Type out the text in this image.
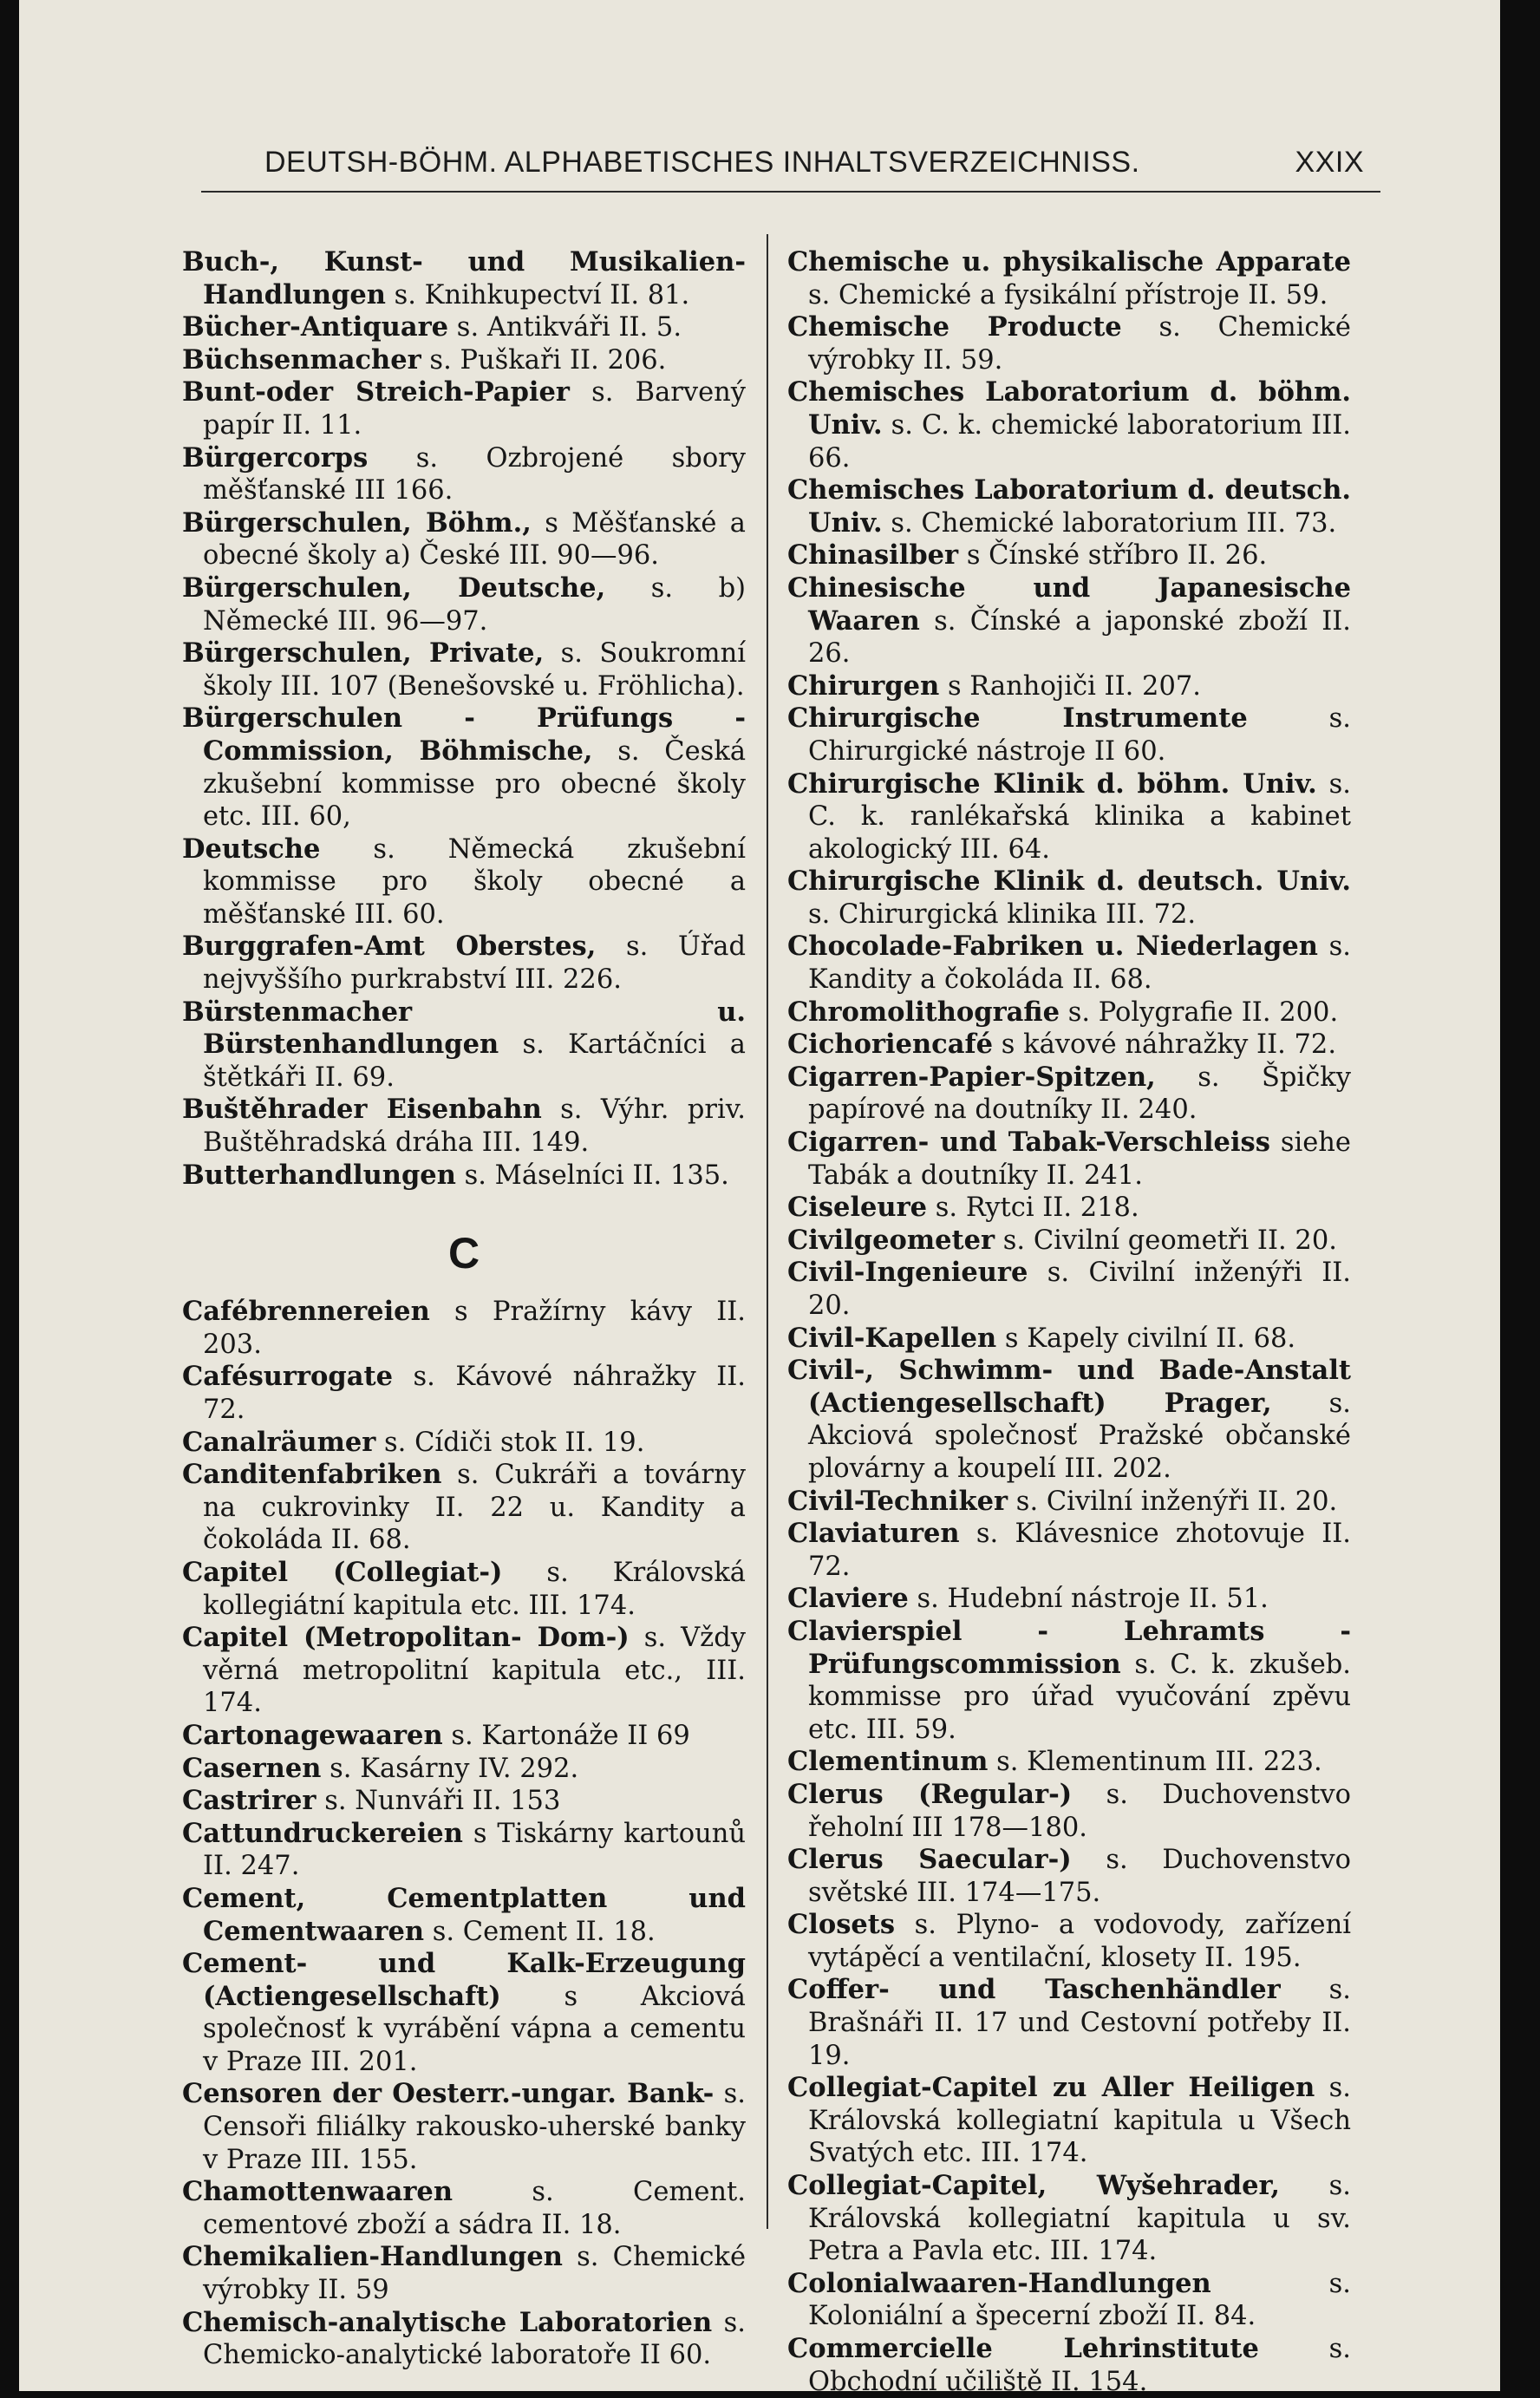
DEUTSH-BÖHM. ALPHABETISCHES INHALTSVERZEICHNISS.	XXIX

Buch-, Kunst- und Musikalien-Handlungen s. Knihkupectví II. 81.

Bücher-Antiquare s. Antikváři II. 5.

Büchsenmacher s. Puškaři II. 206.

Bunt-oder Streich-Papier s. Barvený papír II. 11.

Bürgercorps s. Ozbrojené sbory měšťanské III 166.

Bürgerschulen, Böhm., s Měšťanské a obecné školy a) České III. 90—96.

Bürgerschulen, Deutsche, s. b) Německé III. 96—97.

Bürgerschulen, Private, s. Soukromní školy III. 107 (Benešovské u. Fröhlicha).

Bürgerschulen - Prüfungs - Commission, Böhmische, s. Česká zkušební kommisse pro obecné školy etc. III. 60,

Deutsche s. Německá zkušební kommisse pro školy obecné a měšťanské III. 60.

Burggrafen-Amt Oberstes, s. Úřad nejvyššího purkrabství III. 226.

Bürstenmacher u. Bürstenhandlungen s. Kartáčníci a štětkáři II. 69.

Buštěhrader Eisenbahn s. Výhr. priv. Buštěhradská dráha III. 149.

Butterhandlungen s. Máselníci II. 135.

C

Cafébrennereien s Pražírny kávy II. 203.

Cafésurrogate s. Kávové náhražky II. 72.

Canalräumer s. Cídiči stok II. 19.

Canditenfabriken s. Cukráři a továrny na cukrovinky II. 22 u. Kandity a čokoláda II. 68.

Capitel (Collegiat-) s. Královská kollegiátní kapitula etc. III. 174.

Capitel (Metropolitan- Dom-) s. Vždy věrná metropolitní kapitula etc., III. 174.

Cartonagewaaren s. Kartonáže II 69

Casernen s. Kasárny IV. 292.

Castrirer s. Nunváři II. 153

Cattundruckereien s Tiskárny kartounů II. 247.

Cement, Cementplatten und Cementwaaren s. Cement II. 18.

Cement- und Kalk-Erzeugung (Actiengesellschaft) s Akciová společnosť k vyrábění vápna a cementu v Praze III. 201.

Censoren der Oesterr.-ungar. Bank- s. Censoři filiálky rakousko-uherské banky v Praze III. 155.

Chamottenwaaren s. Cement. cementové zboží a sádra II. 18.

Chemikalien-Handlungen s. Chemické výrobky II. 59

Chemisch-analytische Laboratorien s. Chemicko-analytické laboratoře II 60.

Chemische u. physikalische Apparate s. Chemické a fysikální přístroje II. 59.

Chemische Producte s. Chemické výrobky II. 59.

Chemisches Laboratorium d. böhm. Univ. s. C. k. chemické laboratorium III. 66.

Chemisches Laboratorium d. deutsch. Univ. s. Chemické laboratorium III. 73.

Chinasilber s Čínské stříbro II. 26.

Chinesische und Japanesische Waaren s. Čínské a japonské zboží II. 26.

Chirurgen s Ranhojiči II. 207.

Chirurgische Instrumente s. Chirurgické nástroje II 60.

Chirurgische Klinik d. böhm. Univ. s. C. k. ranlékařská klinika a kabinet akologický III. 64.

Chirurgische Klinik d. deutsch. Univ. s. Chirurgická klinika III. 72.

Chocolade-Fabriken u. Niederlagen s. Kandity a čokoláda II. 68.

Chromolithografie s. Polygrafie II. 200.

Cichoriencafé s kávové náhražky II. 72.

Cigarren-Papier-Spitzen, s. Špičky papírové na doutníky II. 240.

Cigarren- und Tabak-Verschleiss siehe Tabák a doutníky II. 241.

Ciseleure s. Rytci II. 218.

Civilgeometer s. Civilní geometři II. 20.

Civil-Ingenieure s. Civilní inženýři II. 20.

Civil-Kapellen s Kapely civilní II. 68.

Civil-, Schwimm- und Bade-Anstalt (Actiengesellschaft) Prager, s. Akciová společnosť Pražské občanské plovárny a koupelí III. 202.

Civil-Techniker s. Civilní inženýři II. 20.

Claviaturen s. Klávesnice zhotovuje II. 72.

Claviere s. Hudební nástroje II. 51.

Clavierspiel - Lehramts - Prüfungscommission s. C. k. zkušeb. kommisse pro úřad vyučování zpěvu etc. III. 59.

Clementinum s. Klementinum III. 223.

Clerus (Regular-) s. Duchovenstvo řeholní III 178—180.

Clerus Saecular-) s. Duchovenstvo světské III. 174—175.

Closets s. Plyno- a vodovody, zařízení vytápěcí a ventilační, klosety II. 195.

Coffer- und Taschenhändler s. Brašnáři II. 17 und Cestovní potřeby II. 19.

Collegiat-Capitel zu Aller Heiligen s. Královská kollegiatní kapitula u Všech Svatých etc. III. 174.

Collegiat-Capitel, Wyšehrader, s. Královská kollegiatní kapitula u sv. Petra a Pavla etc. III. 174.

Colonialwaaren-Handlungen s. Koloniální a špecerní zboží II. 84.

Commercielle Lehrinstitute s. Obchodní učiliště II. 154.
